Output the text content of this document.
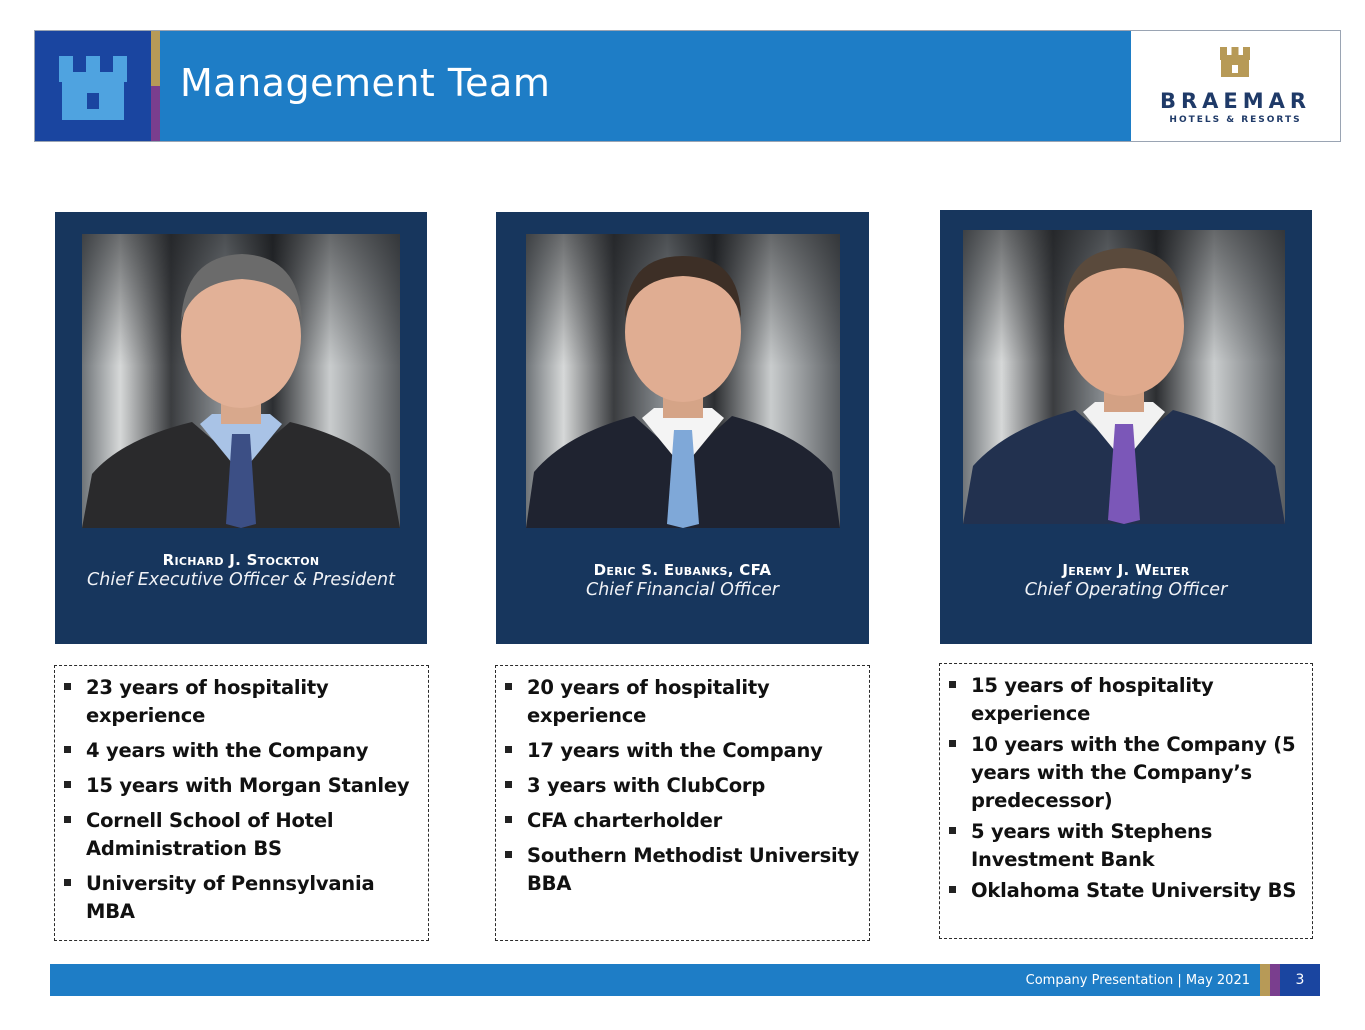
Management Team	BRAEMAR
HOTELS & RESORTS
Richard J. Stockton
Chief Executive Officer & President	Deric S. Eubanks, CFA
Chief Financial Officer
Jeremy J. Welter
Chief Operating Officer
23 years of hospitality experience
4 years with the Company
15 years with Morgan Stanley
Cornell School of Hotel Administration BS
University of Pennsylvania MBA
20 years of hospitality experience
17 years with the Company
3 years with ClubCorp
CFA charterholder
Southern Methodist University BBA
15 years of hospitality experience
10 years with the Company (5 years with the Company’s predecessor)
5 years with Stephens Investment Bank
Oklahoma State University BS
Company Presentation | May 2021	3
